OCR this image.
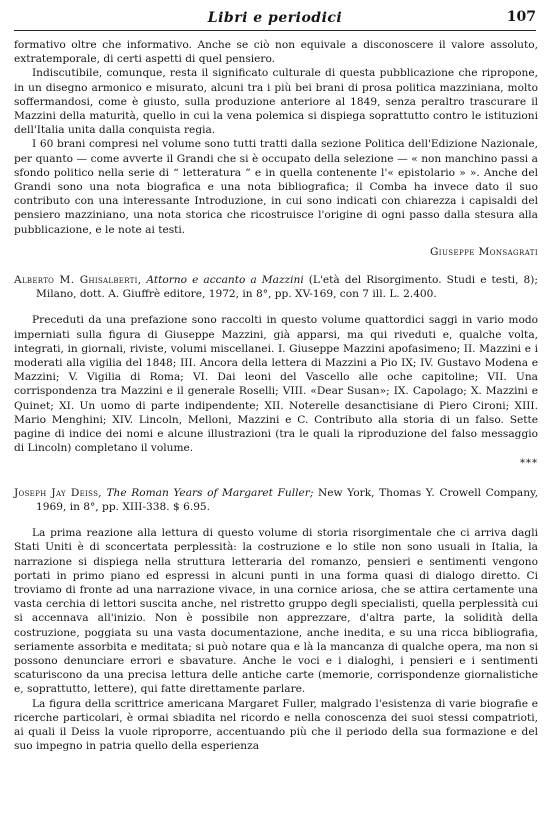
Libri e periodici	107

formativo oltre che informativo. Anche se ciò non equivale a disconoscere il valore assoluto, extratemporale, di certi aspetti di quel pensiero.

Indiscutibile, comunque, resta il significato culturale di questa pubblicazione che ripropone, in un disegno armonico e misurato, alcuni tra i più bei brani di prosa politica mazziniana, molto soffermandosi, come è giusto, sulla produzione anteriore al 1849, senza peraltro trascurare il Mazzini della maturità, quello in cui la vena polemica si dispiega soprattutto contro le istituzioni dell'Italia unita dalla conquista regia.

I 60 brani compresi nel volume sono tutti tratti dalla sezione Politica dell'Edizione Nazionale, per quanto — come avverte il Grandi che si è occupato della selezione — « non manchino passi a sfondo politico nella serie di “ letteratura ” e in quella contenente l'« epistolario » ». Anche del Grandi sono una nota biografica e una nota bibliografica; il Comba ha invece dato il suo contributo con una interessante Introduzione, in cui sono indicati con chiarezza i capisaldi del pensiero mazziniano, una nota storica che ricostruisce l'origine di ogni passo dalla stesura alla pubblicazione, e le note ai testi.

Giuseppe Monsagrati

Alberto M. Ghisalberti, Attorno e accanto a Mazzini (L'età del Risorgimento. Studi e testi, 8); Milano, dott. A. Giuffrè editore, 1972, in 8°, pp. XV-169, con 7 ill. L. 2.400.

Preceduti da una prefazione sono raccolti in questo volume quattordici saggi in vario modo imperniati sulla figura di Giuseppe Mazzini, già apparsi, ma qui riveduti e, qualche volta, integrati, in giornali, riviste, volumi miscellanei. I. Giuseppe Mazzini apofasimeno; II. Mazzini e i moderati alla vigilia del 1848; III. Ancora della lettera di Mazzini a Pio IX; IV. Gustavo Modena e Mazzini; V. Vigilia di Roma; VI. Dai leoni del Vascello alle oche capitoline; VII. Una corrispondenza tra Mazzini e il generale Roselli; VIII. «Dear Susan»; IX. Capolago; X. Mazzini e Quinet; XI. Un uomo di parte indipendente; XII. Noterelle desanctisiane di Piero Cironi; XIII. Mario Menghini; XIV. Lincoln, Melloni, Mazzini e C. Contributo alla storia di un falso. Sette pagine di indice dei nomi e alcune illustrazioni (tra le quali la riproduzione del falso messaggio di Lincoln) completano il volume.

***

Joseph Jay Deiss, The Roman Years of Margaret Fuller; New York, Thomas Y. Crowell Company, 1969, in 8°, pp. XIII-338. $ 6.95.

La prima reazione alla lettura di questo volume di storia risorgimentale che ci arriva dagli Stati Uniti è di sconcertata perplessità: la costruzione e lo stile non sono usuali in Italia, la narrazione si dispiega nella struttura letteraria del romanzo, pensieri e sentimenti vengono portati in primo piano ed espressi in alcuni punti in una forma quasi di dialogo diretto. Ci troviamo di fronte ad una narrazione vivace, in una cornice ariosa, che se attira certamente una vasta cerchia di lettori suscita anche, nel ristretto gruppo degli specialisti, quella perplessità cui si accennava all'inizio. Non è possibile non apprezzare, d'altra parte, la solidità della costruzione, poggiata su una vasta documentazione, anche inedita, e su una ricca bibliografia, seriamente assorbita e meditata; si può notare qua e là la mancanza di qualche opera, ma non si possono denunciare errori e sbavature. Anche le voci e i dialoghi, i pensieri e i sentimenti scaturiscono da una precisa lettura delle antiche carte (memorie, corrispondenze giornalistiche e, soprattutto, lettere), qui fatte direttamente parlare.

La figura della scrittrice americana Margaret Fuller, malgrado l'esistenza di varie biografie e ricerche particolari, è ormai sbiadita nel ricordo e nella conoscenza dei suoi stessi compatrioti, ai quali il Deiss la vuole riproporre, accentuando più che il periodo della sua formazione e del suo impegno in patria quello della esperienza
